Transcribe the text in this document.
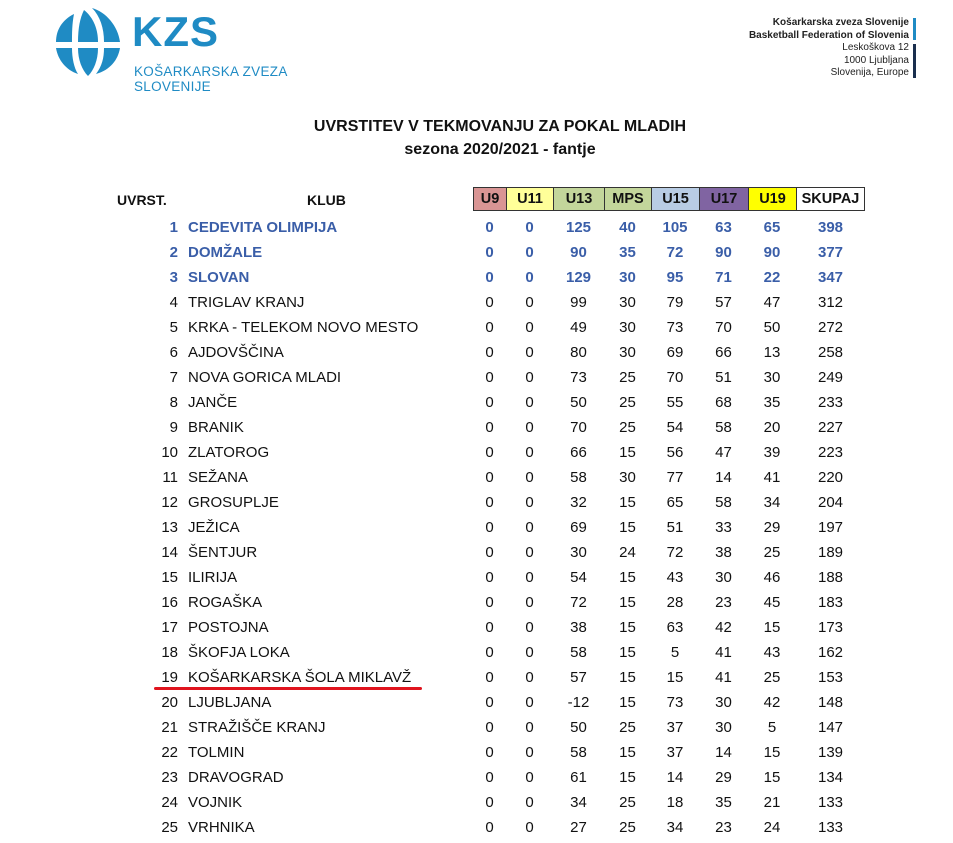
KZS
KOŠARKARSKA ZVEZA
SLOVENIJE
Košarkarska zveza Slovenije
Basketball Federation of Slovenia
Leskoškova 12
1000 Ljubljana
Slovenija, Europe
UVRSTITEV V TEKMOVANJU ZA POKAL MLADIH
sezona 2020/2021 - fantje
UVRST.	KLUB	U9	U11	U13	MPS	U15	U17	U19	SKUPAJ
1 CEDEVITA OLIMPIJA	0	0	125	40	105	63	65	398
2 DOMŽALE	0	0	90	35	72	90	90	377
3 SLOVAN	0	0	129	30	95	71	22	347
4 TRIGLAV KRANJ	0	0	99	30	79	57	47	312
5 KRKA - TELEKOM NOVO MESTO	0	0	49	30	73	70	50	272
6 AJDOVŠČINA	0	0	80	30	69	66	13	258
7 NOVA GORICA MLADI	0	0	73	25	70	51	30	249
8 JANČE	0	0	50	25	55	68	35	233
9 BRANIK	0	0	70	25	54	58	20	227
10 ZLATOROG	0	0	66	15	56	47	39	223
11 SEŽANA	0	0	58	30	77	14	41	220
12 GROSUPLJE	0	0	32	15	65	58	34	204
13 JEŽICA	0	0	69	15	51	33	29	197
14 ŠENTJUR	0	0	30	24	72	38	25	189
15 ILIRIJA	0	0	54	15	43	30	46	188
16 ROGAŠKA	0	0	72	15	28	23	45	183
17 POSTOJNA	0	0	38	15	63	42	15	173
18 ŠKOFJA LOKA	0	0	58	15	5	41	43	162
19 KOŠARKARSKA ŠOLA MIKLAVŽ	0	0	57	15	15	41	25	153
20 LJUBLJANA	0	0	-12	15	73	30	42	148
21 STRAŽIŠČE KRANJ	0	0	50	25	37	30	5	147
22 TOLMIN	0	0	58	15	37	14	15	139
23 DRAVOGRAD	0	0	61	15	14	29	15	134
24 VOJNIK	0	0	34	25	18	35	21	133
25 VRHNIKA	0	0	27	25	34	23	24	133
